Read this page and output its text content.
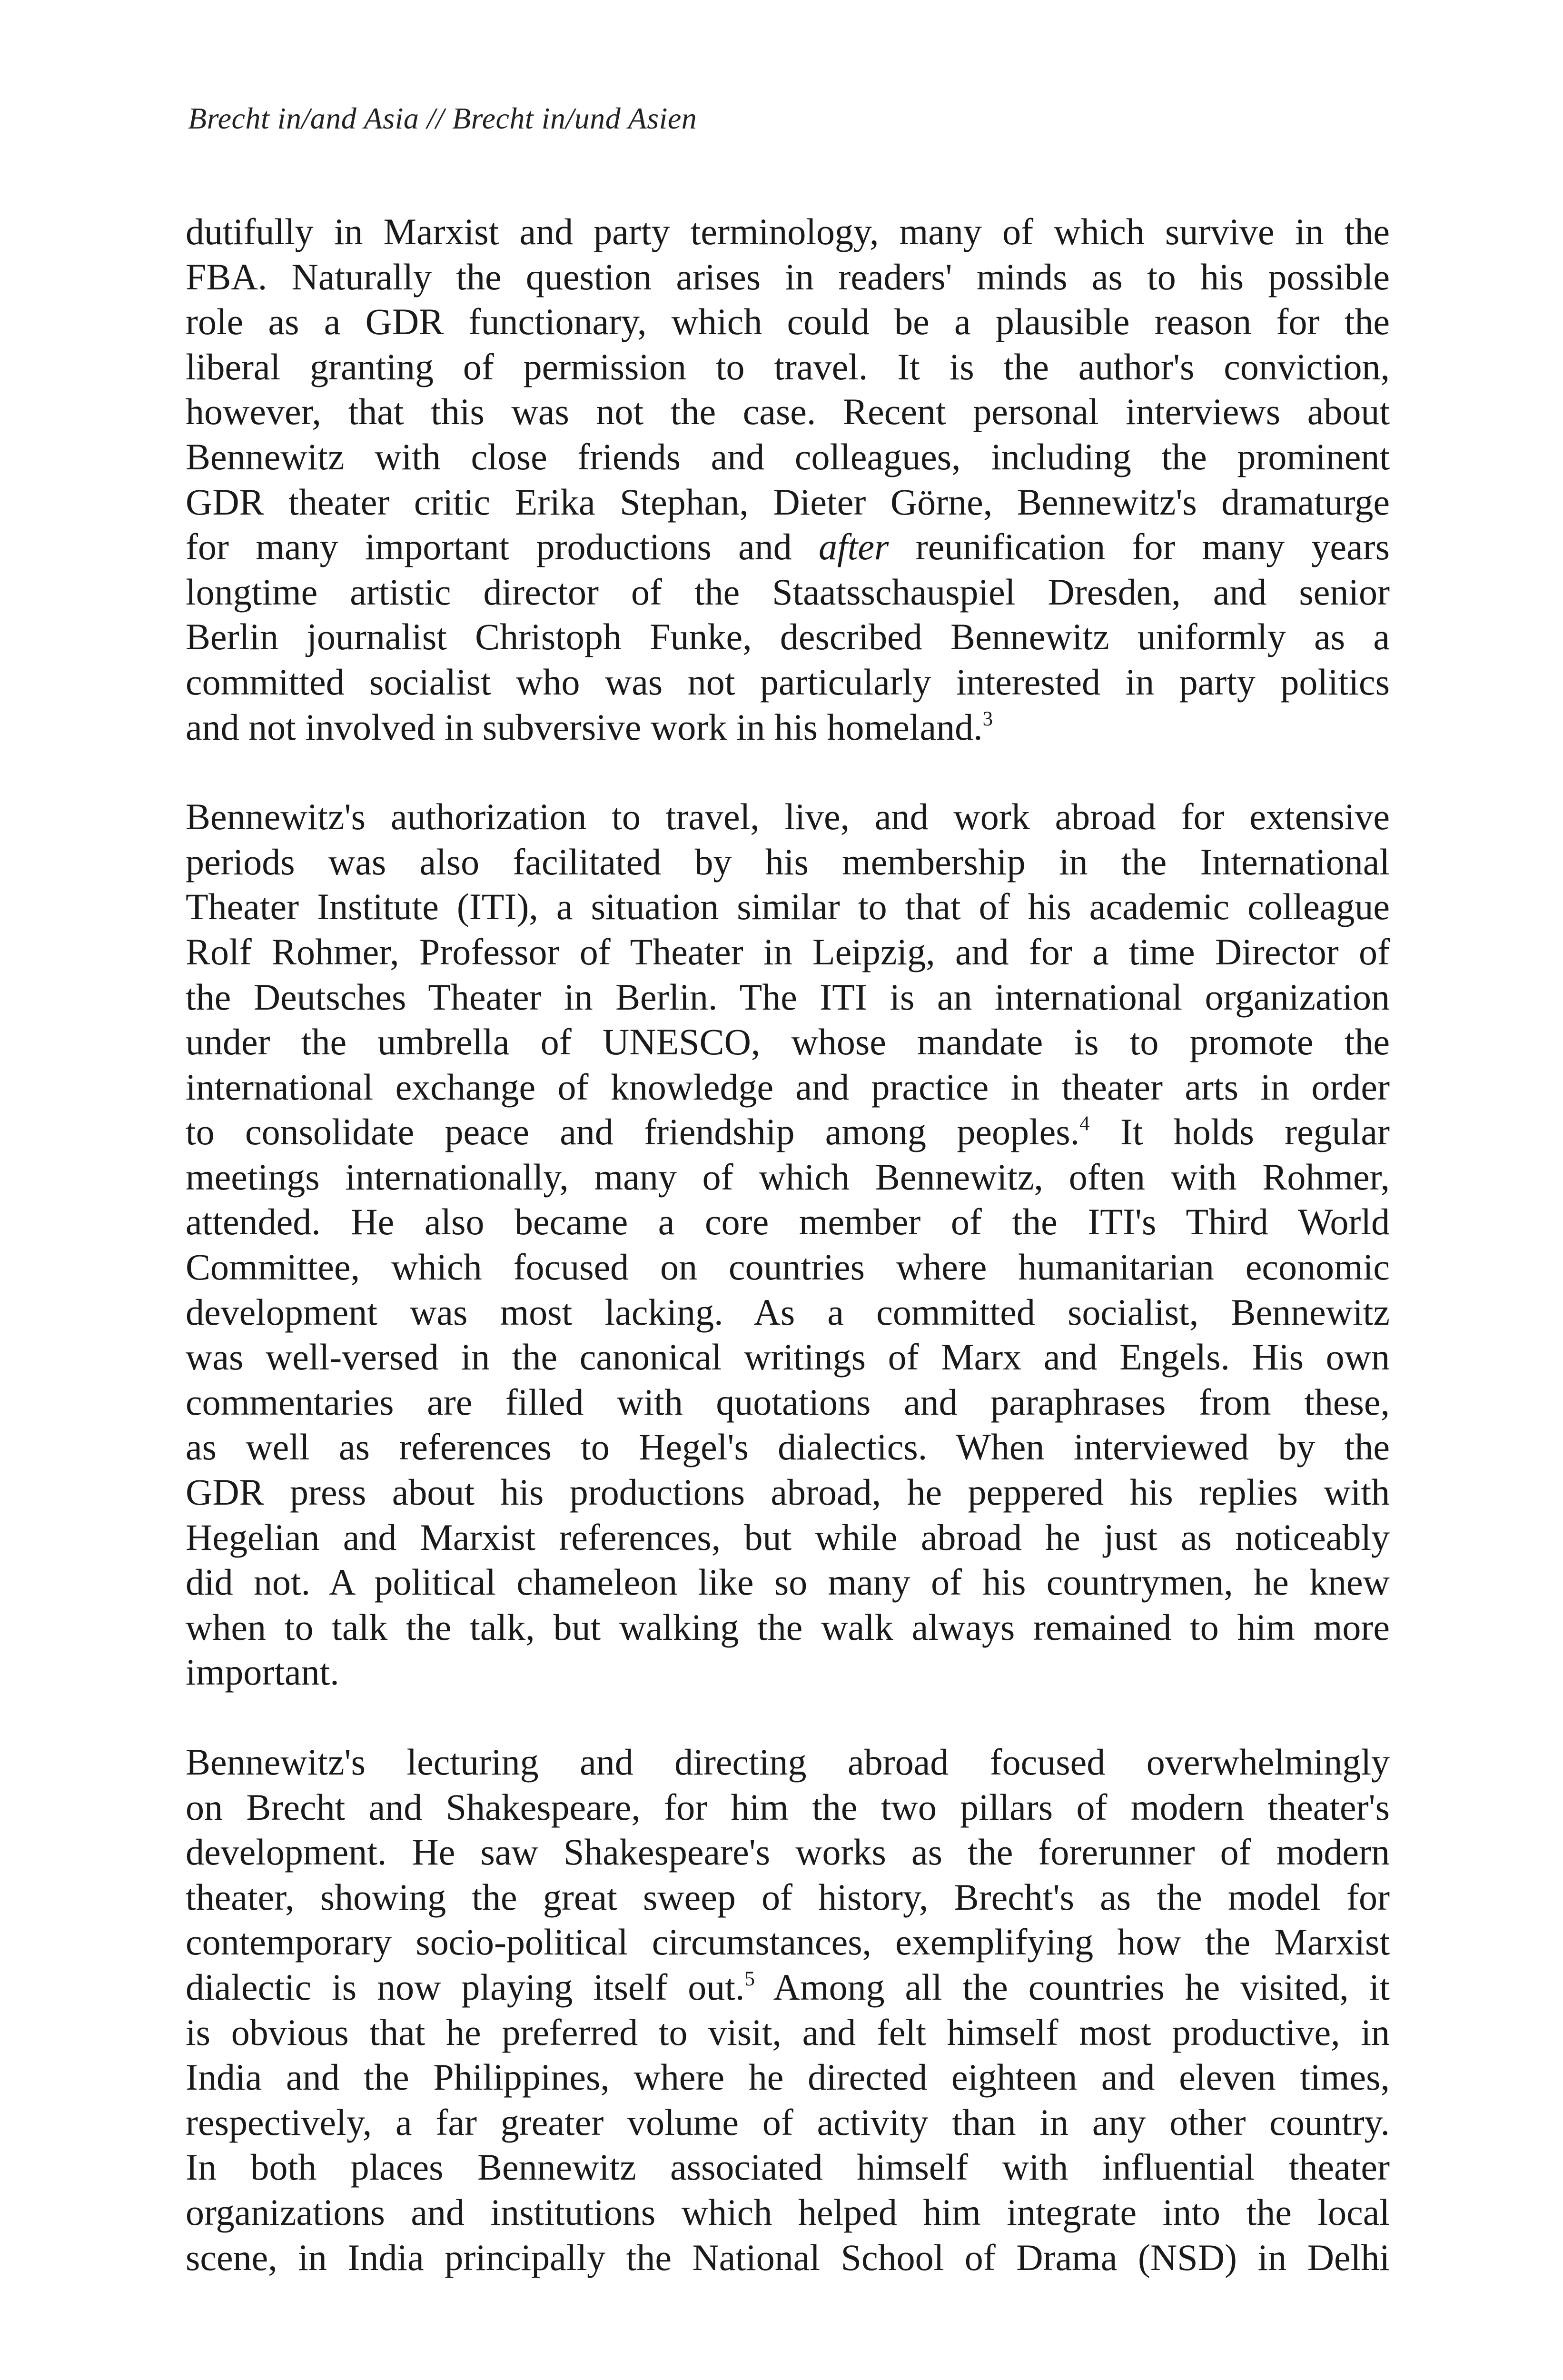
Brecht in/and Asia // Brecht in/und Asien

dutifully in Marxist and party terminology, many of which survive in the
FBA. Naturally the question arises in readers' minds as to his possible
role as a GDR functionary, which could be a plausible reason for the
liberal granting of permission to travel. It is the author's conviction,
however, that this was not the case. Recent personal interviews about
Bennewitz with close friends and colleagues, including the prominent
GDR theater critic Erika Stephan, Dieter Görne, Bennewitz's dramaturge
for many important productions and after reunification for many years
longtime artistic director of the Staatsschauspiel Dresden, and senior
Berlin journalist Christoph Funke, described Bennewitz uniformly as a
committed socialist who was not particularly interested in party politics
and not involved in subversive work in his homeland.$^3$

Bennewitz's authorization to travel, live, and work abroad for extensive
periods was also facilitated by his membership in the International
Theater Institute (ITI), a situation similar to that of his academic colleague
Rolf Rohmer, Professor of Theater in Leipzig, and for a time Director of
the Deutsches Theater in Berlin. The ITI is an international organization
under the umbrella of UNESCO, whose mandate is to promote the
international exchange of knowledge and practice in theater arts in order
to consolidate peace and friendship among peoples.$^4$ It holds regular
meetings internationally, many of which Bennewitz, often with Rohmer,
attended. He also became a core member of the ITI's Third World
Committee, which focused on countries where humanitarian economic
development was most lacking. As a committed socialist, Bennewitz
was well-versed in the canonical writings of Marx and Engels. His own
commentaries are filled with quotations and paraphrases from these,
as well as references to Hegel's dialectics. When interviewed by the
GDR press about his productions abroad, he peppered his replies with
Hegelian and Marxist references, but while abroad he just as noticeably
did not. A political chameleon like so many of his countrymen, he knew
when to talk the talk, but walking the walk always remained to him more
important.

Bennewitz's lecturing and directing abroad focused overwhelmingly
on Brecht and Shakespeare, for him the two pillars of modern theater's
development. He saw Shakespeare's works as the forerunner of modern
theater, showing the great sweep of history, Brecht's as the model for
contemporary socio-political circumstances, exemplifying how the Marxist
dialectic is now playing itself out.$^5$ Among all the countries he visited, it
is obvious that he preferred to visit, and felt himself most productive, in
India and the Philippines, where he directed eighteen and eleven times,
respectively, a far greater volume of activity than in any other country.
In both places Bennewitz associated himself with influential theater
organizations and institutions which helped him integrate into the local
scene, in India principally the National School of Drama (NSD) in Delhi
